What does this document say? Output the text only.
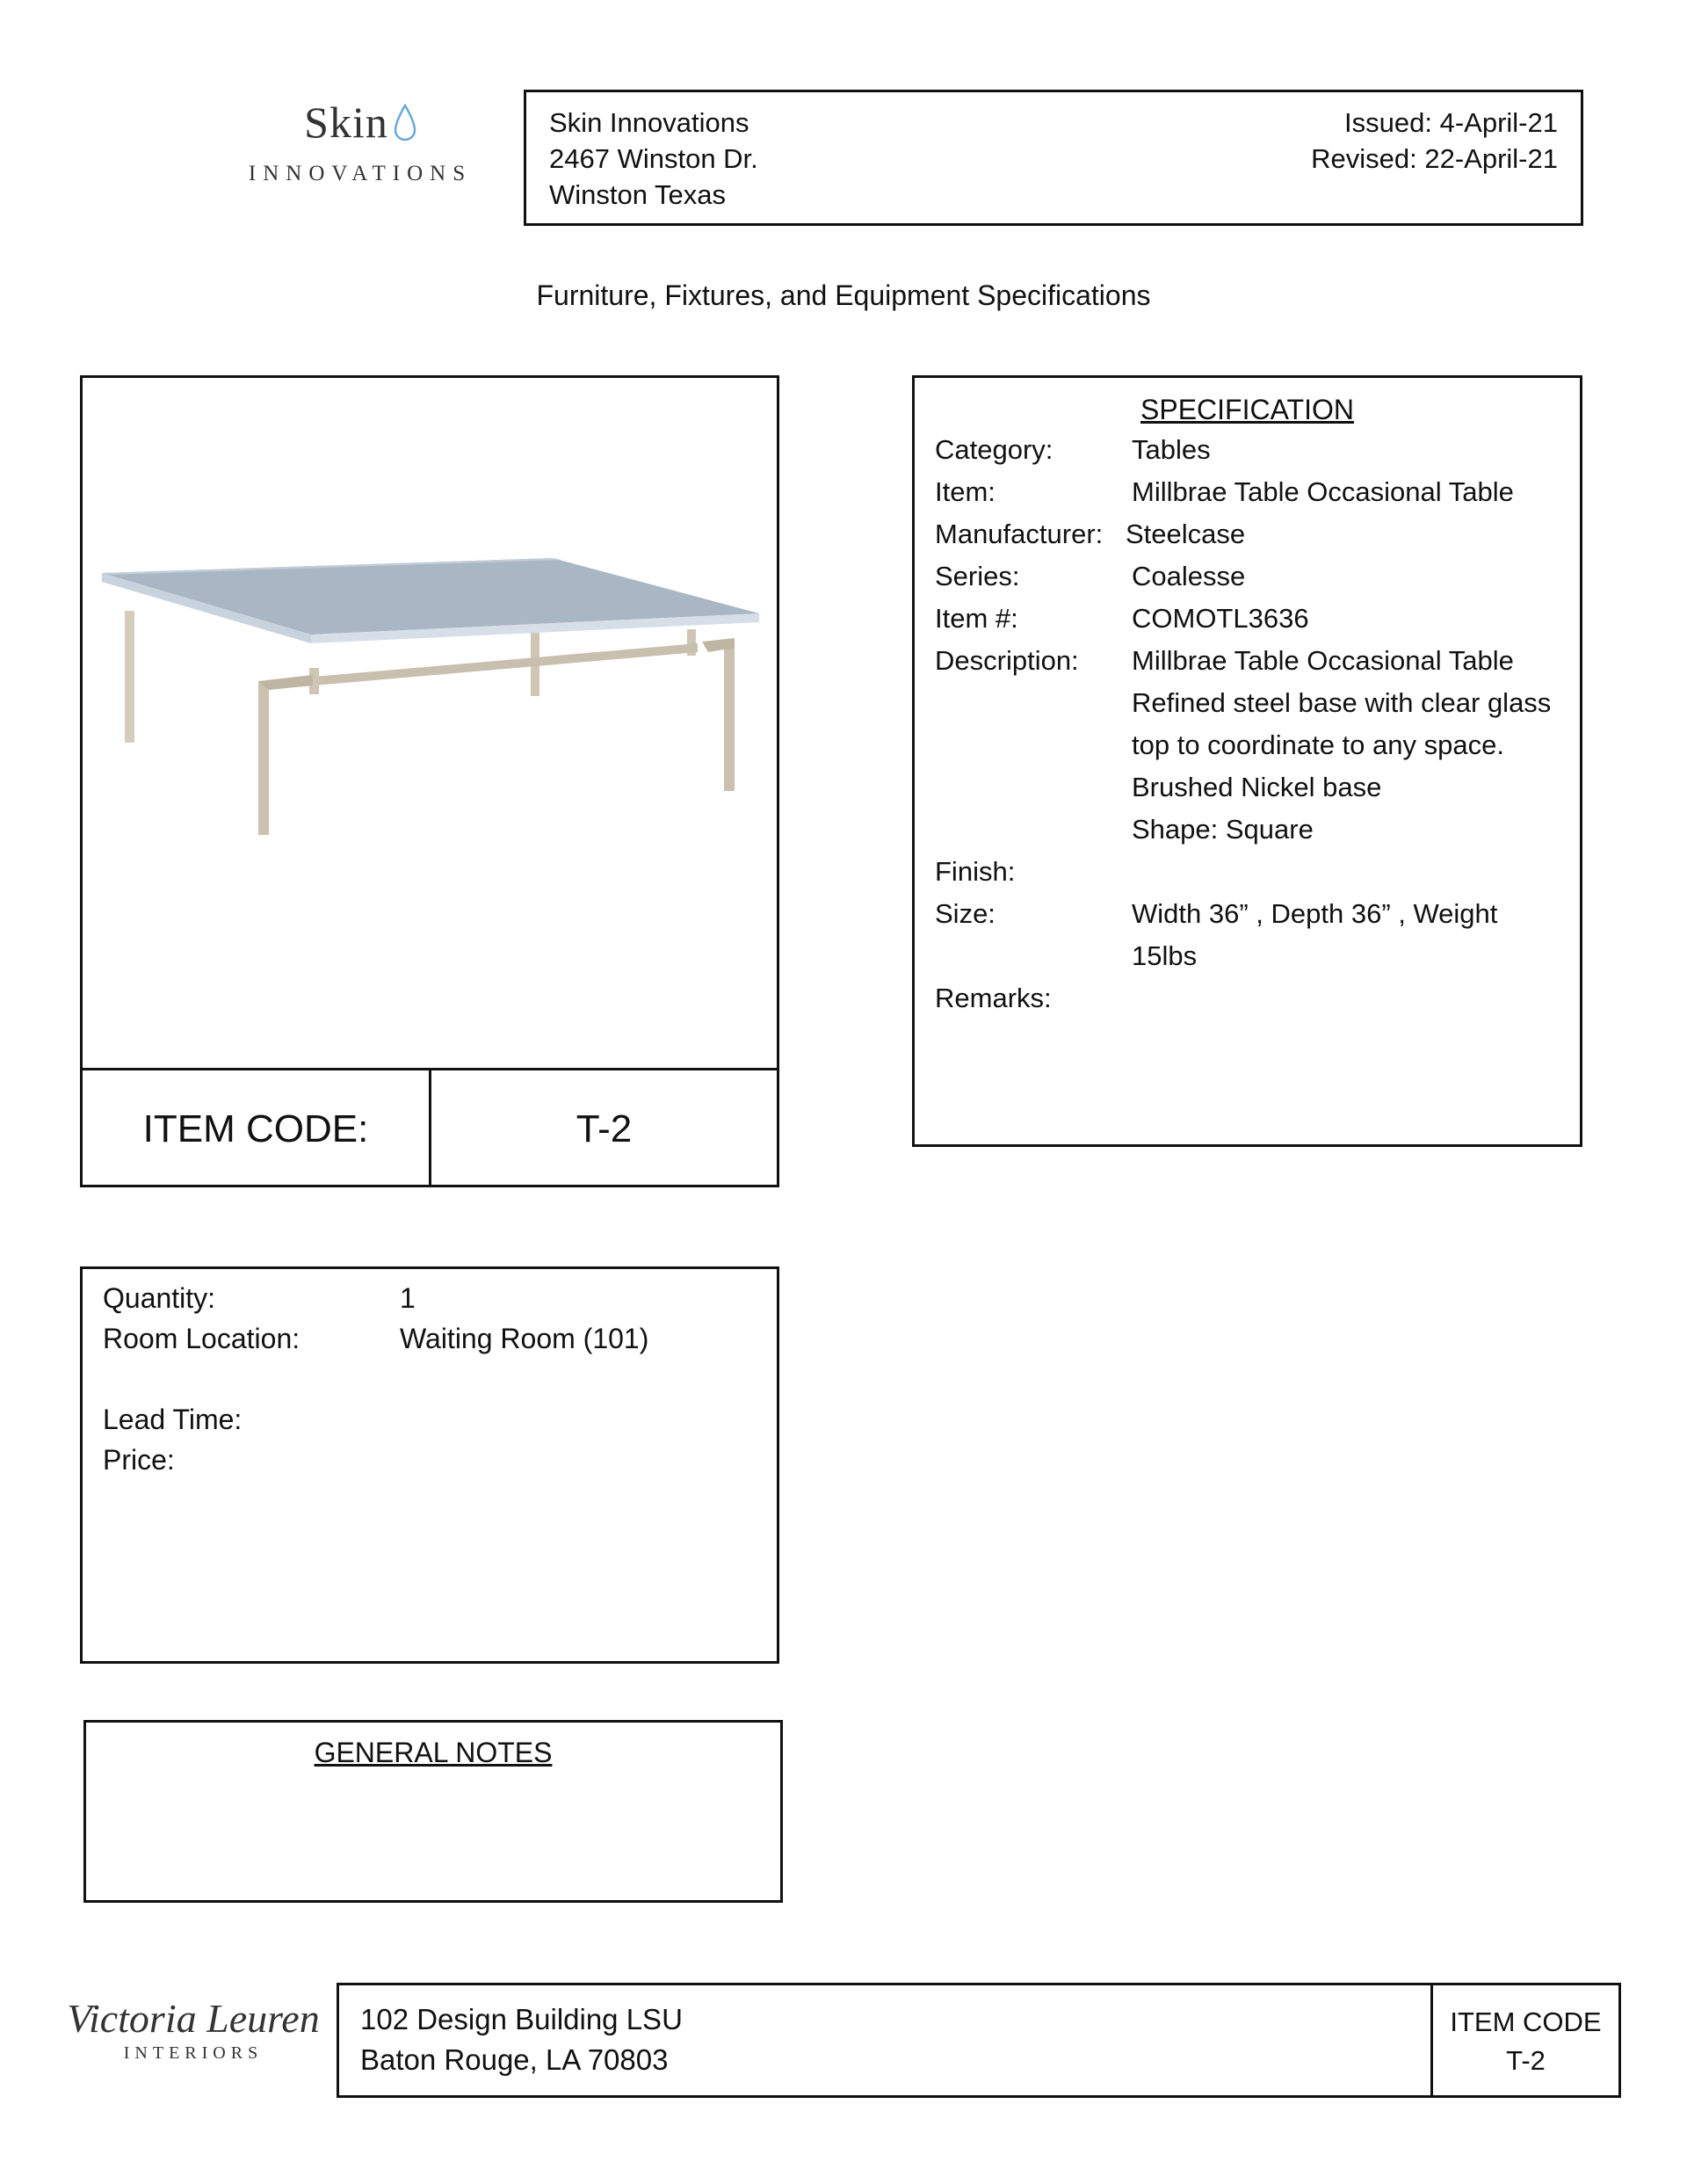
Skin
INNOVATIONS
Skin Innovations
2467 Winston Dr.
Winston Texas
Issued: 4-April-21
Revised: 22-April-21
Furniture, Fixtures, and Equipment Specifications
ITEM CODE:	T-2
SPECIFICATION
Category:	Tables
Item:	Millbrae Table Occasional Table
Manufacturer: Steelcase
Series:	Coalesse
Item #:	COMOTL3636
Description: Millbrae Table Occasional Table
Refined steel base with clear glass
top to coordinate to any space.
Brushed Nickel base
Shape: Square
Finish:
Size:	Width 36” , Depth 36” , Weight
15lbs
Remarks:
Quantity:	1
Room Location:	Waiting Room (101)
Lead Time:
Price:
GENERAL NOTES
Victoria Leuren
INTERIORS
102 Design Building LSU
Baton Rouge, LA 70803
ITEM CODE
T-2
